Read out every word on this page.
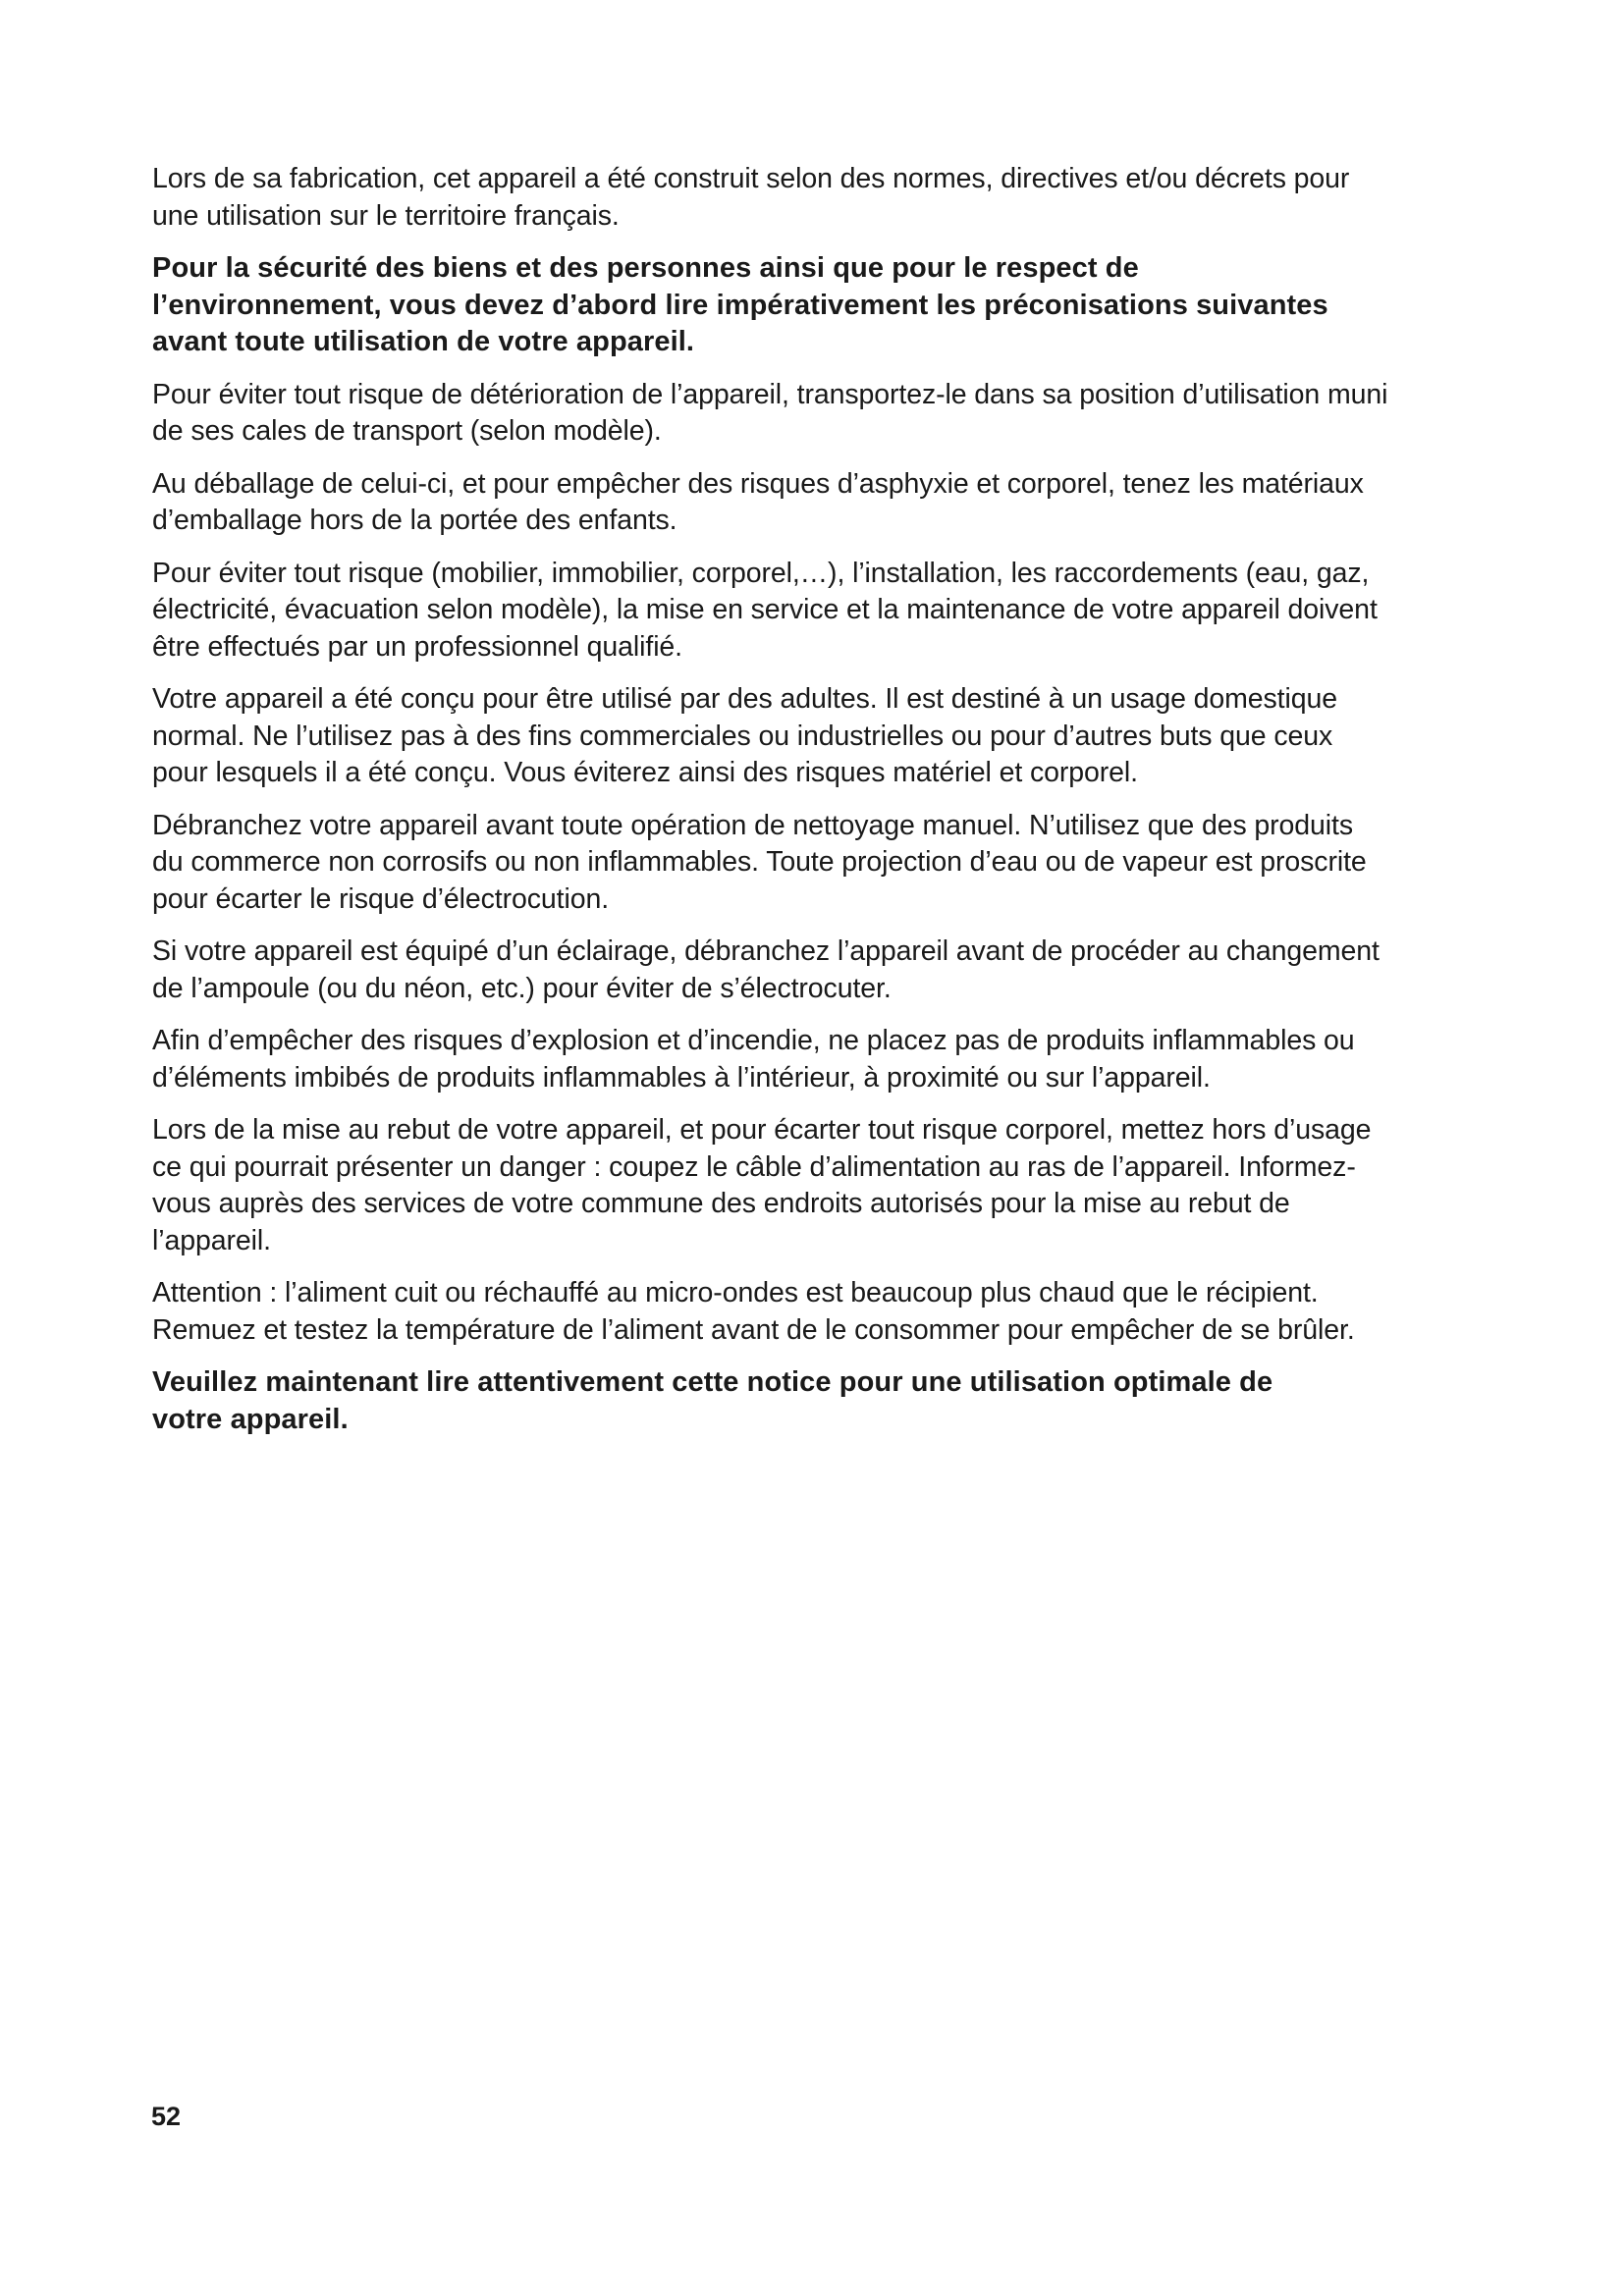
Lors de sa fabrication, cet appareil a été construit selon des normes, directives et/ou décrets pour
une utilisation sur le territoire français.

Pour la sécurité des biens et des personnes ainsi que pour le respect de
l’environnement, vous devez d’abord lire impérativement les préconisations suivantes
avant toute utilisation de votre appareil.

Pour éviter tout risque de détérioration de l’appareil, transportez-le dans sa position d’utilisation muni
de ses cales de transport (selon modèle).

Au déballage de celui-ci, et pour empêcher des risques d’asphyxie et corporel, tenez les matériaux
d’emballage hors de la portée des enfants.

Pour éviter tout risque (mobilier, immobilier, corporel,…), l’installation, les raccordements (eau, gaz,
électricité, évacuation selon modèle), la mise en service et la maintenance de votre appareil doivent
être effectués par un professionnel qualifié.

Votre appareil a été conçu pour être utilisé par des adultes. Il est destiné à un usage domestique
normal. Ne l’utilisez pas à des fins commerciales ou industrielles ou pour d’autres buts que ceux
pour lesquels il a été conçu. Vous éviterez ainsi des risques matériel et corporel.

Débranchez votre appareil avant toute opération de nettoyage manuel. N’utilisez que des produits
du commerce non corrosifs ou non inflammables. Toute projection d’eau ou de vapeur est proscrite
pour écarter le risque d’électrocution.

Si votre appareil est équipé d’un éclairage, débranchez l’appareil avant de procéder au changement
de l’ampoule (ou du néon, etc.) pour éviter de s’électrocuter.

Afin d’empêcher des risques d’explosion et d’incendie, ne placez pas de produits inflammables ou
d’éléments imbibés de produits inflammables à l’intérieur, à proximité ou sur l’appareil.

Lors de la mise au rebut de votre appareil, et pour écarter tout risque corporel, mettez hors d’usage
ce qui pourrait présenter un danger : coupez le câble d’alimentation au ras de l’appareil. Informez-
vous auprès des services de votre commune des endroits autorisés pour la mise au rebut de
l’appareil.

Attention : l’aliment cuit ou réchauffé au micro-ondes est beaucoup plus chaud que le récipient.
Remuez et testez la température de l’aliment avant de le consommer pour empêcher de se brûler.

Veuillez maintenant lire attentivement cette notice pour une utilisation optimale de
votre appareil.

52
